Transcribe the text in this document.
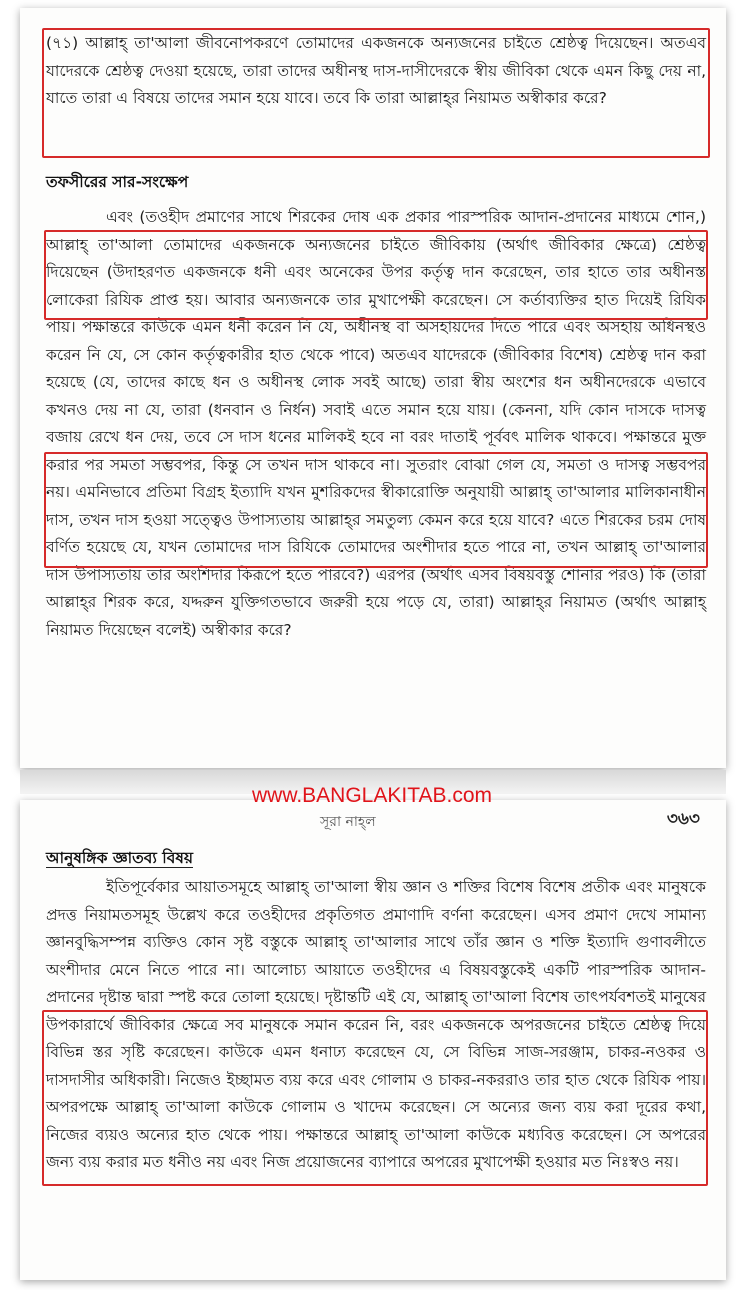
(৭১) আল্লাহ্ তা'আলা জীবনোপকরণে তোমাদের একজনকে অন্যজনের চাইতে শ্রেষ্ঠত্ব দিয়েছেন। অতএব যাদেরকে শ্রেষ্ঠত্ব দেওয়া হয়েছে, তারা তাদের অধীনস্থ দাস-দাসীদেরকে স্বীয় জীবিকা থেকে এমন কিছু দেয় না, যাতে তারা এ বিষয়ে তাদের সমান হয়ে যাবে। তবে কি তারা আল্লাহ্‌র নিয়ামত অস্বীকার করে?

তফসীরের সার-সংক্ষেপ

এবং (তওহীদ প্রমাণের সাথে শিরকের দোষ এক প্রকার পারস্পরিক আদান-প্রদানের মাধ্যমে শোন,) আল্লাহ্ তা'আলা তোমাদের একজনকে অন্যজনের চাইতে জীবিকায় (অর্থাৎ জীবিকার ক্ষেত্রে) শ্রেষ্ঠত্ব দিয়েছেন (উদাহরণত একজনকে ধনী এবং অনেকের উপর কর্তৃত্ব দান করেছেন, তার হাতে তার অধীনস্ত লোকেরা রিযিক প্রাপ্ত হয়। আবার অন্যজনকে তার মুখাপেক্ষী করেছেন। সে কর্তাব্যক্তির হাত দিয়েই রিযিক পায়। পক্ষান্তরে কাউকে এমন ধনী করেন নি যে, অধীনস্থ বা অসহায়দের দিতে পারে এবং অসহায় অধিনস্থও করেন নি যে, সে কোন কর্তৃত্বকারীর হাত থেকে পাবে) অতএব যাদেরকে (জীবিকার বিশেষ) শ্রেষ্ঠত্ব দান করা হয়েছে (যে, তাদের কাছে ধন ও অধীনস্থ লোক সবই আছে) তারা স্বীয় অংশের ধন অধীনদেরকে এভাবে কখনও দেয় না যে, তারা (ধনবান ও নির্ধন) সবাই এতে সমান হয়ে যায়। (কেননা, যদি কোন দাসকে দাসত্ব বজায় রেখে ধন দেয়, তবে সে দাস ধনের মালিকই হবে না বরং দাতাই পূর্ববৎ মালিক থাকবে। পক্ষান্তরে মুক্ত করার পর সমতা সম্ভবপর, কিন্তু সে তখন দাস থাকবে না। সুতরাং বোঝা গেল যে, সমতা ও দাসত্ব সম্ভবপর নয়। এমনিভাবে প্রতিমা বিগ্রহ ইত্যাদি যখন মুশরিকদের স্বীকারোক্তি অনুযায়ী আল্লাহ্ তা'আলার মালিকানাধীন দাস, তখন দাস হওয়া সত্ত্বেও উপাস্যতায় আল্লাহ্‌র সমতুল্য কেমন করে হয়ে যাবে? এতে শিরকের চরম দোষ বর্ণিত হয়েছে যে, যখন তোমাদের দাস রিযিকে তোমাদের অংশীদার হতে পারে না, তখন আল্লাহ্ তা'আলার দাস উপাস্যতায় তার অংশিদার কিরূপে হতে পারবে?) এরপর (অর্থাৎ এসব বিষয়বস্তু শোনার পরও) কি (তারা আল্লাহ্‌র শিরক করে, যদ্দরুন যুক্তিগতভাবে জরুরী হয়ে পড়ে যে, তারা) আল্লাহ্‌র নিয়ামত (অর্থাৎ আল্লাহ্ নিয়ামত দিয়েছেন বলেই) অস্বীকার করে?

www.BANGLAKITAB.com

সূরা নাহ্‌ল	৩৬৩

আনুষঙ্গিক জ্ঞাতব্য বিষয়

ইতিপূর্বেকার আয়াতসমূহে আল্লাহ্ তা'আলা স্বীয় জ্ঞান ও শক্তির বিশেষ বিশেষ প্রতীক এবং মানুষকে প্রদত্ত নিয়ামতসমূহ উল্লেখ করে তওহীদের প্রকৃতিগত প্রমাণাদি বর্ণনা করেছেন। এসব প্রমাণ দেখে সামান্য জ্ঞানবুদ্ধিসম্পন্ন ব্যক্তিও কোন সৃষ্ট বস্তুকে আল্লাহ্ তা'আলার সাথে তাঁর জ্ঞান ও শক্তি ইত্যাদি গুণাবলীতে অংশীদার মেনে নিতে পারে না। আলোচ্য আয়াতে তওহীদের এ বিষয়বস্তুকেই একটি পারস্পরিক আদান-প্রদানের দৃষ্টান্ত দ্বারা স্পষ্ট করে তোলা হয়েছে। দৃষ্টান্তটি এই যে, আল্লাহ্ তা'আলা বিশেষ তাৎপর্যবশতই মানুষের উপকারার্থে জীবিকার ক্ষেত্রে সব মানুষকে সমান করেন নি, বরং একজনকে অপরজনের চাইতে শ্রেষ্ঠত্ব দিয়ে বিভিন্ন স্তর সৃষ্টি করেছেন। কাউকে এমন ধনাঢ্য করেছেন যে, সে বিভিন্ন সাজ-সরঞ্জাম, চাকর-নওকর ও দাসদাসীর অধিকারী। নিজেও ইচ্ছামত ব্যয় করে এবং গোলাম ও চাকর-নকররাও তার হাত থেকে রিযিক পায়। অপরপক্ষে আল্লাহ্ তা'আলা কাউকে গোলাম ও খাদেম করেছেন। সে অন্যের জন্য ব্যয় করা দূরের কথা, নিজের ব্যয়ও অন্যের হাত থেকে পায়। পক্ষান্তরে আল্লাহ্ তা'আলা কাউকে মধ্যবিত্ত করেছেন। সে অপরের জন্য ব্যয় করার মত ধনীও নয় এবং নিজ প্রয়োজনের ব্যাপারে অপরের মুখাপেক্ষী হওয়ার মত নিঃস্বও নয়।
